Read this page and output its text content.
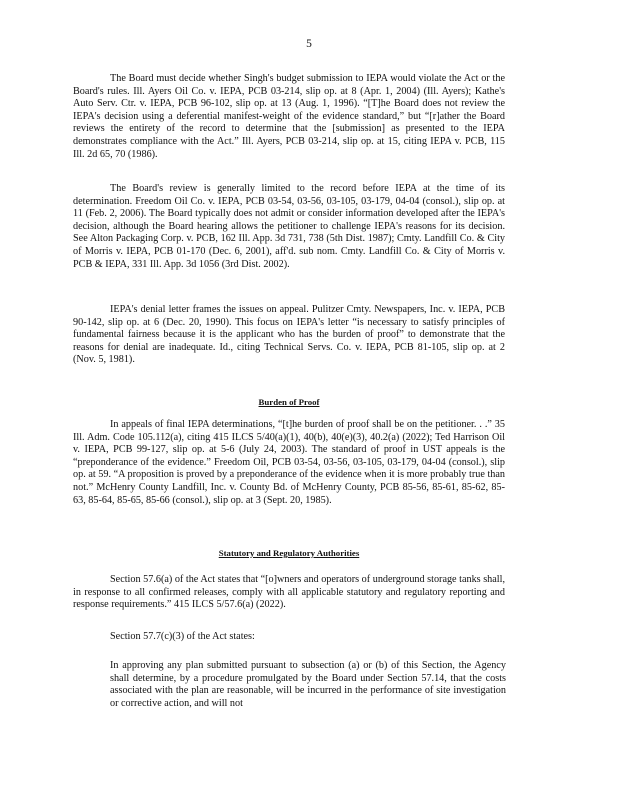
5

The Board must decide whether Singh's budget submission to IEPA would violate the Act or the Board's rules. Ill. Ayers Oil Co. v. IEPA, PCB 03-214, slip op. at 8 (Apr. 1, 2004) (Ill. Ayers); Kathe's Auto Serv. Ctr. v. IEPA, PCB 96-102, slip op. at 13 (Aug. 1, 1996). “[T]he Board does not review the IEPA's decision using a deferential manifest-weight of the evidence standard,” but “[r]ather the Board reviews the entirety of the record to determine that the [submission] as presented to the IEPA demonstrates compliance with the Act.” Ill. Ayers, PCB 03-214, slip op. at 15, citing IEPA v. PCB, 115 Ill. 2d 65, 70 (1986).

The Board's review is generally limited to the record before IEPA at the time of its determination. Freedom Oil Co. v. IEPA, PCB 03-54, 03-56, 03-105, 03-179, 04-04 (consol.), slip op. at 11 (Feb. 2, 2006). The Board typically does not admit or consider information developed after the IEPA's decision, although the Board hearing allows the petitioner to challenge IEPA's reasons for its decision. See Alton Packaging Corp. v. PCB, 162 Ill. App. 3d 731, 738 (5th Dist. 1987); Cmty. Landfill Co. & City of Morris v. IEPA, PCB 01-170 (Dec. 6, 2001), aff'd. sub nom. Cmty. Landfill Co. & City of Morris v. PCB & IEPA, 331 Ill. App. 3d 1056 (3rd Dist. 2002).

IEPA's denial letter frames the issues on appeal. Pulitzer Cmty. Newspapers, Inc. v. IEPA, PCB 90-142, slip op. at 6 (Dec. 20, 1990). This focus on IEPA's letter “is necessary to satisfy principles of fundamental fairness because it is the applicant who has the burden of proof” to demonstrate that the reasons for denial are inadequate. Id., citing Technical Servs. Co. v. IEPA, PCB 81-105, slip op. at 2 (Nov. 5, 1981).

Burden of Proof

In appeals of final IEPA determinations, “[t]he burden of proof shall be on the petitioner. . .” 35 Ill. Adm. Code 105.112(a), citing 415 ILCS 5/40(a)(1), 40(b), 40(e)(3), 40.2(a) (2022); Ted Harrison Oil v. IEPA, PCB 99-127, slip op. at 5-6 (July 24, 2003). The standard of proof in UST appeals is the “preponderance of the evidence.” Freedom Oil, PCB 03-54, 03-56, 03-105, 03-179, 04-04 (consol.), slip op. at 59. “A proposition is proved by a preponderance of the evidence when it is more probably true than not.” McHenry County Landfill, Inc. v. County Bd. of McHenry County, PCB 85-56, 85-61, 85-62, 85-63, 85-64, 85-65, 85-66 (consol.), slip op. at 3 (Sept. 20, 1985).

Statutory and Regulatory Authorities

Section 57.6(a) of the Act states that “[o]wners and operators of underground storage tanks shall, in response to all confirmed releases, comply with all applicable statutory and regulatory reporting and response requirements.” 415 ILCS 5/57.6(a) (2022).

Section 57.7(c)(3) of the Act states:

In approving any plan submitted pursuant to subsection (a) or (b) of this Section, the Agency shall determine, by a procedure promulgated by the Board under Section 57.14, that the costs associated with the plan are reasonable, will be incurred in the performance of site investigation or corrective action, and will not
